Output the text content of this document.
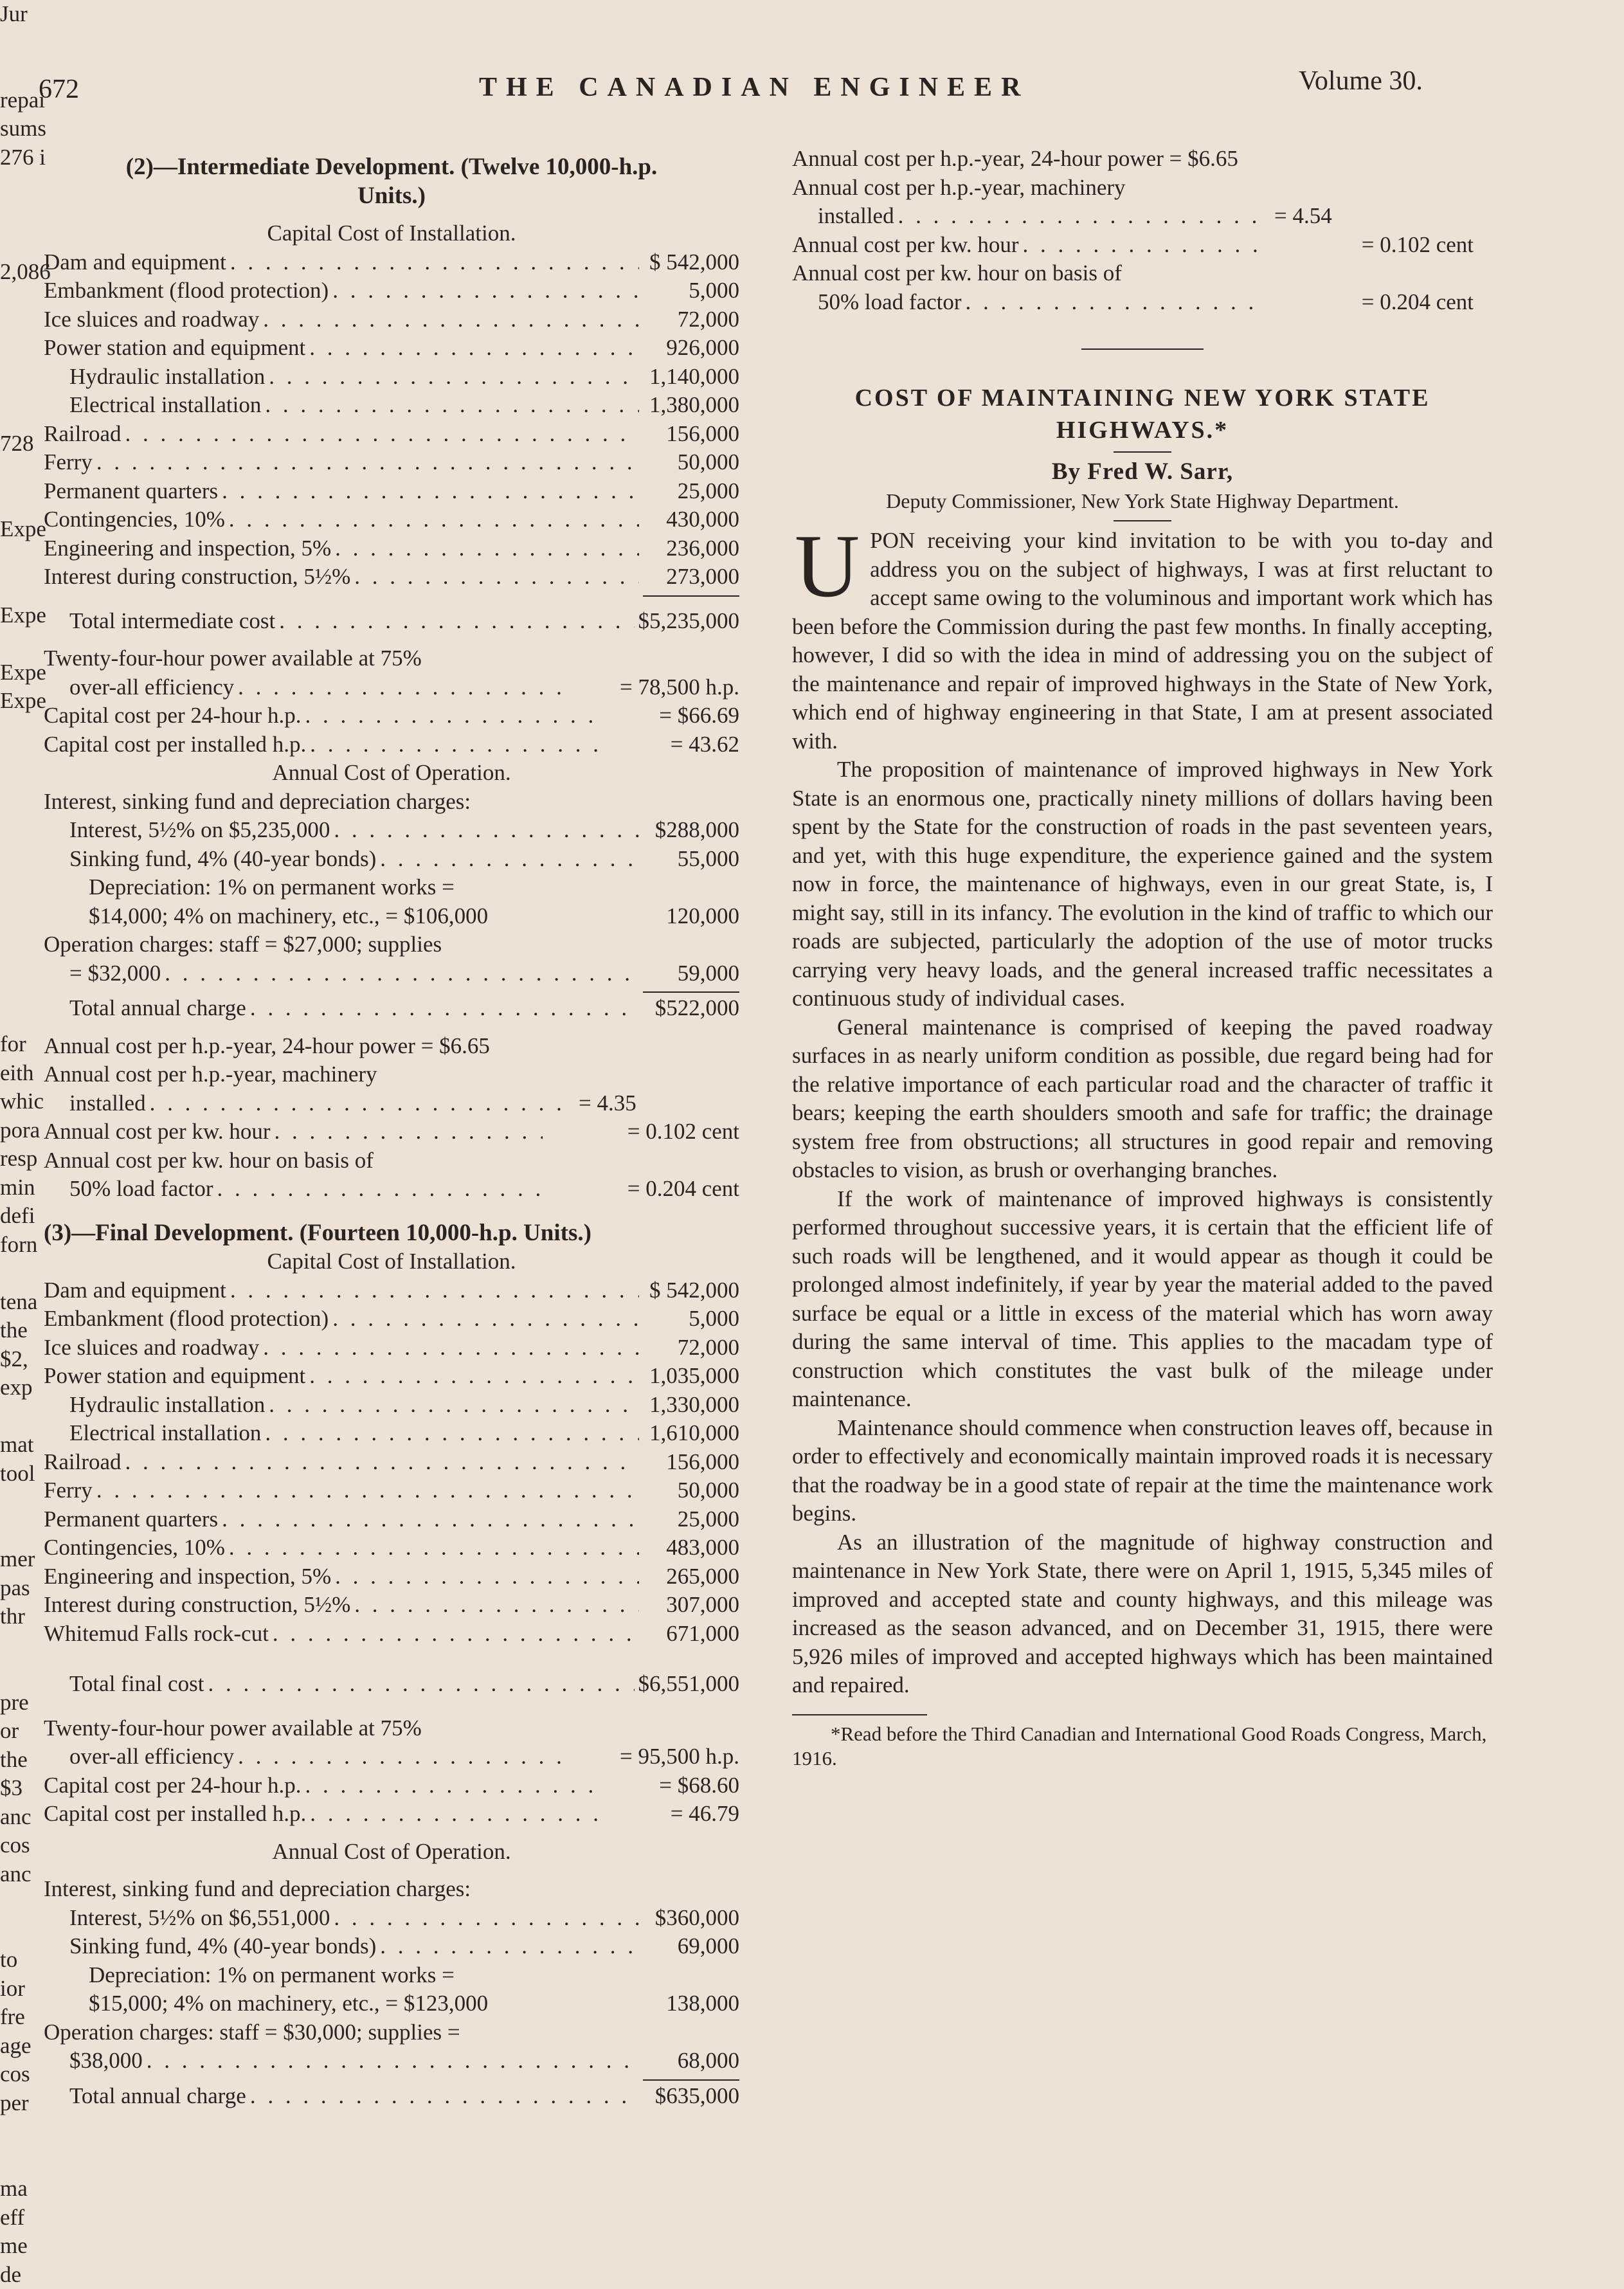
672	THE CANADIAN ENGINEER	Volume 30.
(2)—Intermediate Development. (Twelve 10,000-h.p. Units.)
Capital Cost of Installation.
Dam and equipment . . .	$ 542,000
Embankment (flood protection) . . .	5,000
Ice sluices and roadway . . .	72,000
Power station and equipment . . .	926,000
Hydraulic installation . . .	1,140,000
Electrical installation . . .	1,380,000
Railroad . . .	156,000
Ferry . . .	50,000
Permanent quarters . . .	25,000
Contingencies, 10% . . .	430,000
Engineering and inspection, 5% . . .	236,000
Interest during construction, 5½% . . .	273,000
Total intermediate cost . . .	$5,235,000
Twenty-four-hour power available at 75%
over-all efficiency . . .	= 78,500 h.p.
Capital cost per 24-hour h.p. . . .	= $66.69
Capital cost per installed h.p. . . .	= 43.62
Annual Cost of Operation.
Interest, sinking fund and depreciation charges:
Interest, 5½% on $5,235,000 . . .	$288,000
Sinking fund, 4% (40-year bonds) . . .	55,000
Depreciation: 1% on permanent works =
$14,000; 4% on machinery, etc., = $106,000	120,000
Operation charges: staff = $27,000; supplies
= $32,000 . . .	59,000
Total annual charge . . .	$522,000
Annual cost per h.p.-year, 24-hour power = $6.65
Annual cost per h.p.-year, machinery
installed . . .	= 4.35
Annual cost per kw. hour . . .	= 0.102 cent
Annual cost per kw. hour on basis of
50% load factor . . .	= 0.204 cent
(3)—Final Development. (Fourteen 10,000-h.p. Units.)
Capital Cost of Installation.
Dam and equipment . . .	$ 542,000
Embankment (flood protection) . . .	5,000
Ice sluices and roadway . . .	72,000
Power station and equipment . . .	1,035,000
Hydraulic installation . . .	1,330,000
Electrical installation . . .	1,610,000
Railroad . . .	156,000
Ferry . . .	50,000
Permanent quarters . . .	25,000
Contingencies, 10% . . .	483,000
Engineering and inspection, 5% . . .	265,000
Interest during construction, 5½% . . .	307,000
Whitemud Falls rock-cut . . .	671,000
Total final cost . . .	$6,551,000
Twenty-four-hour power available at 75%
over-all efficiency . . .	= 95,500 h.p.
Capital cost per 24-hour h.p. . . .	= $68.60
Capital cost per installed h.p. . . .	= 46.79
Annual Cost of Operation.
Interest, sinking fund and depreciation charges:
Interest, 5½% on $6,551,000 . . .	$360,000
Sinking fund, 4% (40-year bonds) . . .	69,000
Depreciation: 1% on permanent works =
$15,000; 4% on machinery, etc., = $123,000	138,000
Operation charges: staff = $30,000; supplies =
$38,000 . . .	68,000
Total annual charge . . .	$635,000
Annual cost per h.p.-year, 24-hour power = $6.65
Annual cost per h.p.-year, machinery
installed . . .	= 4.54
Annual cost per kw. hour . . .	= 0.102 cent
Annual cost per kw. hour on basis of
50% load factor . . .	= 0.204 cent
COST OF MAINTAINING NEW YORK STATE
HIGHWAYS.*
By Fred W. Sarr,
Deputy Commissioner, New York State Highway Department.

UPON receiving your kind invitation to be with you to-day and address you on the subject of highways, I was at first reluctant to accept same owing to the voluminous and important work which has been before the Commission during the past few months. In finally accepting, however, I did so with the idea in mind of addressing you on the subject of the maintenance and repair of improved highways in the State of New York, which end of highway engineering in that State, I am at present associated with.

The proposition of maintenance of improved highways in New York State is an enormous one, practically ninety millions of dollars having been spent by the State for the construction of roads in the past seventeen years, and yet, with this huge expenditure, the experience gained and the system now in force, the maintenance of highways, even in our great State, is, I might say, still in its infancy. The evolution in the kind of traffic to which our roads are subjected, particularly the adoption of the use of motor trucks carrying very heavy loads, and the general increased traffic necessitates a continuous study of individual cases.

General maintenance is comprised of keeping the paved roadway surfaces in as nearly uniform condition as possible, due regard being had for the relative importance of each particular road and the character of traffic it bears; keeping the earth shoulders smooth and safe for traffic; the drainage system free from obstructions; all structures in good repair and removing obstacles to vision, as brush or overhanging branches.

If the work of maintenance of improved highways is consistently performed throughout successive years, it is certain that the efficient life of such roads will be lengthened, and it would appear as though it could be prolonged almost indefinitely, if year by year the material added to the paved surface be equal or a little in excess of the material which has worn away during the same interval of time. This applies to the macadam type of construction which constitutes the vast bulk of the mileage under maintenance.

Maintenance should commence when construction leaves off, because in order to effectively and economically maintain improved roads it is necessary that the roadway be in a good state of repair at the time the maintenance work begins.

As an illustration of the magnitude of highway construction and maintenance in New York State, there were on April 1, 1915, 5,345 miles of improved and accepted state and county highways, and this mileage was increased as the season advanced, and on December 31, 1915, there were 5,926 miles of improved and accepted highways which has been maintained and repaired.

*Read before the Third Canadian and International Good Roads Congress, March, 1916.
Jur
repai
sums
276 i
2,086
728
Expe
Expe
Expe
Expe
for
eith
whic
pora
resp
min
defi
forn
tena
the
$2,
exp
mat
tool
mer
pas
thr
pre
or
the
$3
anc
cos
anc
to
ior
fre
age
cos
per
ma
eff
me
de
